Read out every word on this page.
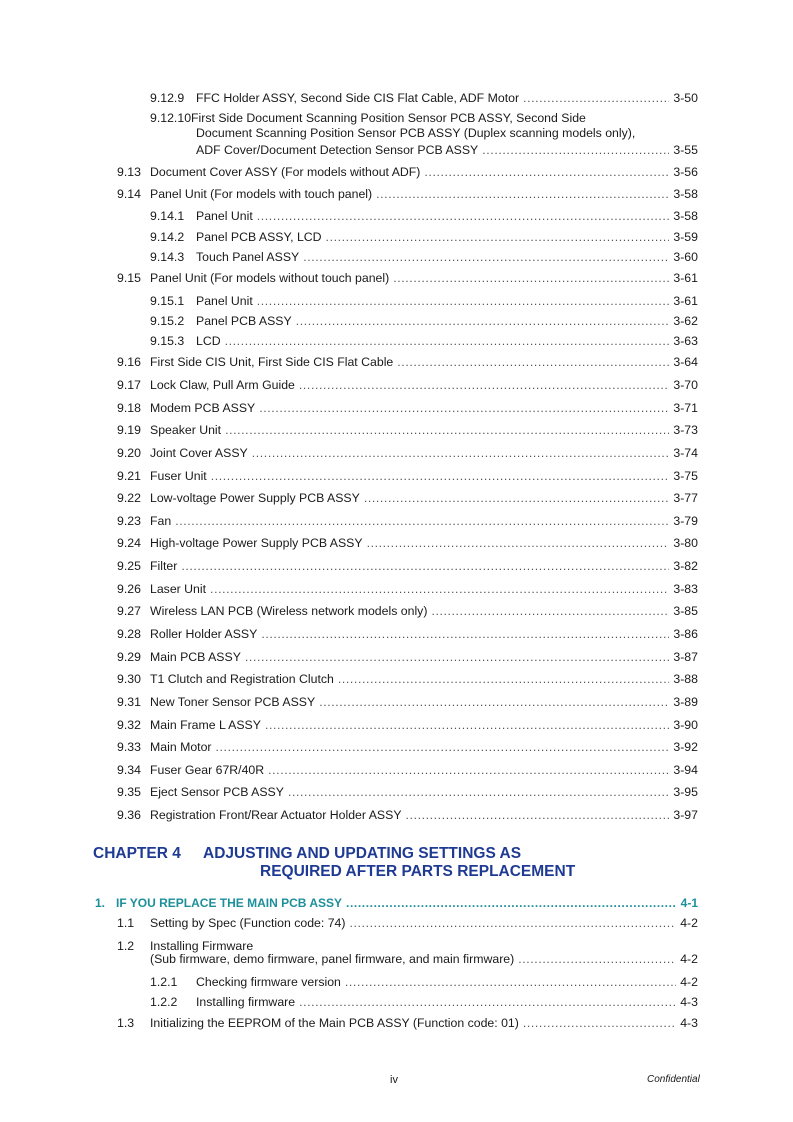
9.12.9 FFC Holder ASSY, Second Side CIS Flat Cable, ADF Motor .....	3-50
9.12.10First Side Document Scanning Position Sensor PCB ASSY, Second Side
Document Scanning Position Sensor PCB ASSY (Duplex scanning models only),
ADF Cover/Document Detection Sensor PCB ASSY .....	3-55
9.13 Document Cover ASSY (For models without ADF) .....	3-56
9.14 Panel Unit (For models with touch panel) .....	3-58
9.14.1 Panel Unit .....	3-58
9.14.2 Panel PCB ASSY, LCD .....	3-59
9.14.3 Touch Panel ASSY .....	3-60
9.15 Panel Unit (For models without touch panel) .....	3-61
9.15.1 Panel Unit .....	3-61
9.15.2 Panel PCB ASSY .....	3-62
9.15.3 LCD .....	3-63
9.16 First Side CIS Unit, First Side CIS Flat Cable .....	3-64
9.17 Lock Claw, Pull Arm Guide .....	3-70
9.18 Modem PCB ASSY .....	3-71
9.19 Speaker Unit .....	3-73
9.20 Joint Cover ASSY .....	3-74
9.21 Fuser Unit .....	3-75
9.22 Low-voltage Power Supply PCB ASSY .....	3-77
9.23 Fan .....	3-79
9.24 High-voltage Power Supply PCB ASSY .....	3-80
9.25 Filter .....	3-82
9.26 Laser Unit .....	3-83
9.27 Wireless LAN PCB (Wireless network models only) .....	3-85
9.28 Roller Holder ASSY .....	3-86
9.29 Main PCB ASSY .....	3-87
9.30 T1 Clutch and Registration Clutch .....	3-88
9.31 New Toner Sensor PCB ASSY .....	3-89
9.32 Main Frame L ASSY .....	3-90
9.33 Main Motor .....	3-92
9.34 Fuser Gear 67R/40R .....	3-94
9.35 Eject Sensor PCB ASSY .....	3-95
9.36 Registration Front/Rear Actuator Holder ASSY .....	3-97
CHAPTER 4 ADJUSTING AND UPDATING SETTINGS AS
REQUIRED AFTER PARTS REPLACEMENT
1. IF YOU REPLACE THE MAIN PCB ASSY .....	4-1
1.1	Setting by Spec (Function code: 74) .....	4-2
1.2 Installing Firmware
(Sub firmware, demo firmware, panel firmware, and main firmware) .....	4-2
1.2.1	Checking firmware version .....	4-2
1.2.2	Installing firmware .....	4-3
1.3	Initializing the EEPROM of the Main PCB ASSY (Function code: 01) .....	4-3
iv	Confidential
